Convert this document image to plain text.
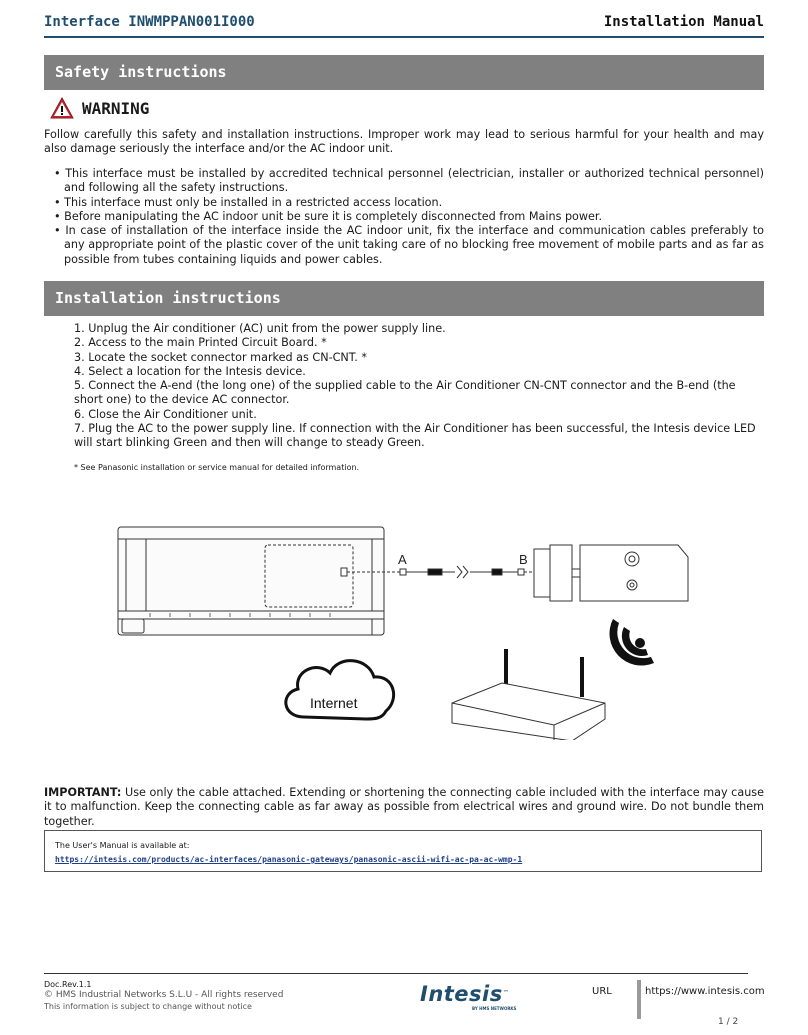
Interface INWMPPAN001I000	Installation Manual
Safety instructions
WARNING

Follow carefully this safety and installation instructions. Improper work may lead to serious harmful for your health and may also damage seriously the interface and/or the AC indoor unit.

• This interface must be installed by accredited technical personnel (electrician, installer or authorized technical personnel) and following all the safety instructions.
• This interface must only be installed in a restricted access location.
• Before manipulating the AC indoor unit be sure it is completely disconnected from Mains power.
• In case of installation of the interface inside the AC indoor unit, fix the interface and communication cables preferably to any appropriate point of the plastic cover of the unit taking care of no blocking free movement of mobile parts and as far as possible from tubes containing liquids and power cables.
Installation instructions
1. Unplug the Air conditioner (AC) unit from the power supply line.
2. Access to the main Printed Circuit Board. *
3. Locate the socket connector marked as CN-CNT. *
4. Select a location for the Intesis device.
5. Connect the A-end (the long one) of the supplied cable to the Air Conditioner CN-CNT connector and the B-end (the short one) to the device AC connector.
6. Close the Air Conditioner unit.
7. Plug the AC to the power supply line. If connection with the Air Conditioner has been successful, the Intesis device LED will start blinking Green and then will change to steady Green.
* See Panasonic installation or service manual for detailed information.
A	B
Internet

IMPORTANT: Use only the cable attached. Extending or shortening the connecting cable included with the interface may cause it to malfunction. Keep the connecting cable as far away as possible from electrical wires and ground wire. Do not bundle them together.

The User's Manual is available at:
https://intesis.com/products/ac-interfaces/panasonic-gateways/panasonic-ascii-wifi-ac-pa-ac-wmp-1
Doc.Rev.1.1
© HMS Industrial Networks S.L.U - All rights reserved
This information is subject to change without notice
Intesis™
BY HMS NETWORKS
URL	https://www.intesis.com
1 / 2
